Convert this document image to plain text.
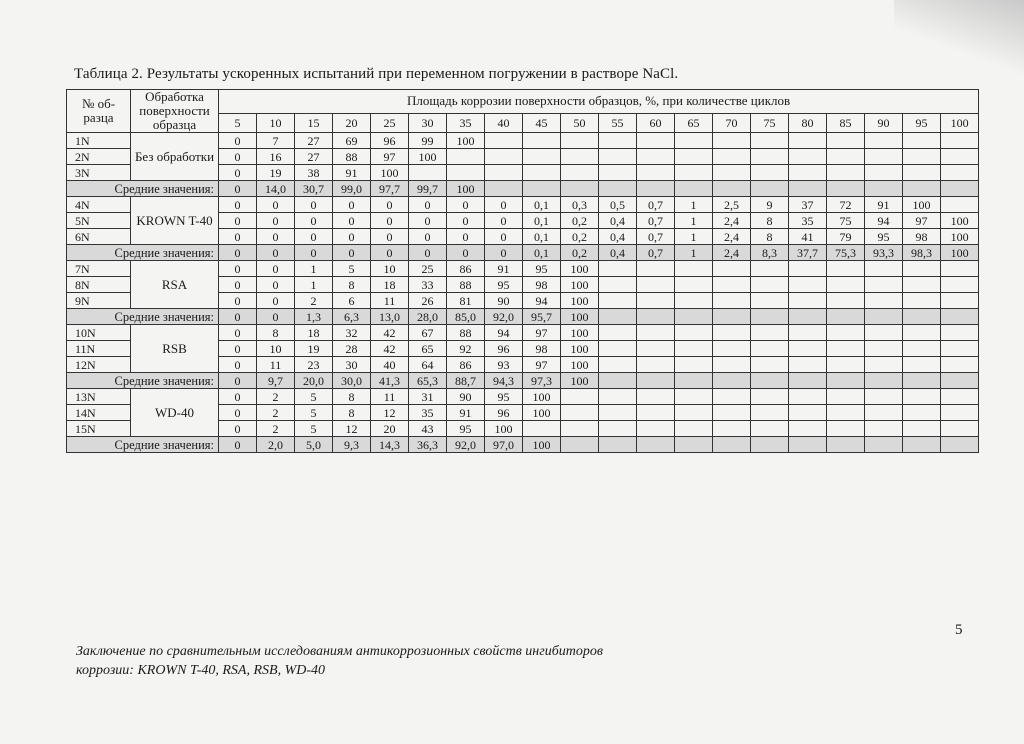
Таблица 2. Результаты ускоренных испытаний при переменном погружении в растворе NaCl.
№ об-разца	Обработка поверхности образца	Площадь коррозии поверхности образцов, %, при количестве циклов																			
		5	10	15	20	25	30	35	40	45	50	55	60	65	70	75	80	85	90	95	100
1N	Без обработки	0	7	27	69	96	99	100													
2N		0	16	27	88	97	100														
3N		0	19	38	91	100															
Средние значения:		0	14,0	30,7	99,0	97,7	99,7	100													
4N	KROWN T-40	0	0	0	0	0	0	0	0	0,1	0,3	0,5	0,7	1	2,5	9	37	72	91	100	
5N		0	0	0	0	0	0	0	0	0,1	0,2	0,4	0,7	1	2,4	8	35	75	94	97	100
6N		0	0	0	0	0	0	0	0	0,1	0,2	0,4	0,7	1	2,4	8	41	79	95	98	100
Средние значения:		0	0	0	0	0	0	0	0	0,1	0,2	0,4	0,7	1	2,4	8,3	37,7	75,3	93,3	98,3	100
7N	RSA	0	0	1	5	10	25	86	91	95	100										
8N		0	0	1	8	18	33	88	95	98	100										
9N		0	0	2	6	11	26	81	90	94	100										
Средние значения:		0	0	1,3	6,3	13,0	28,0	85,0	92,0	95,7	100										
10N	RSB	0	8	18	32	42	67	88	94	97	100										
11N		0	10	19	28	42	65	92	96	98	100										
12N		0	11	23	30	40	64	86	93	97	100										
Средние значения:		0	9,7	20,0	30,0	41,3	65,3	88,7	94,3	97,3	100										
13N	WD-40	0	2	5	8	11	31	90	95	100											
14N		0	2	5	8	12	35	91	96	100											
15N		0	2	5	12	20	43	95	100												
Средние значения:		0	2,0	5,0	9,3	14,3	36,3	92,0	97,0	100											
5
Заключение по сравнительным исследованиям антикоррозионных свойств ингибиторов
коррозии: KROWN T-40, RSA, RSB, WD-40
